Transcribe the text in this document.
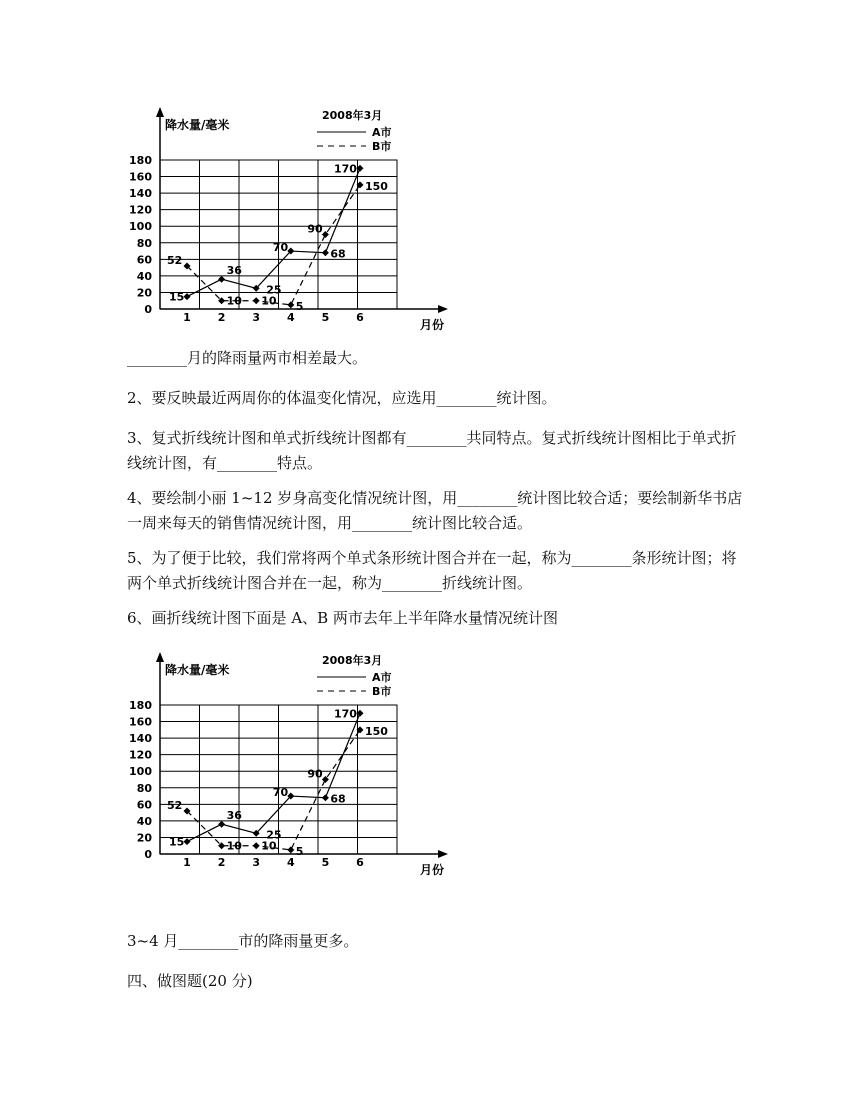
0
20
40
60
80
100
120
140
160
180
1 2 3 4 5 6
降水量/毫米
月份
2008年3月
A市
B市
15
36
25
70
68
170
52
10 10 5
90
150

________月的降雨量两市相差最大。

2、要反映最近两周你的体温变化情况，应选用________统计图。

3、复式折线统计图和单式折线统计图都有________共同特点。复式折线统计图相比于单式折线统计图，有________特点。

4、要绘制小丽 1~12 岁身高变化情况统计图，用________统计图比较合适；要绘制新华书店一周来每天的销售情况统计图，用________统计图比较合适。

5、为了便于比较，我们常将两个单式条形统计图合并在一起，称为________条形统计图；将两个单式折线统计图合并在一起，称为________折线统计图。

6、画折线统计图下面是 A、B 两市去年上半年降水量情况统计图

0
20
40
60
80
100
120
140
160
180
1 2 3 4 5 6
降水量/毫米
月份
2008年3月
A市
B市
15
36
25
70
68
170
52
10 10 5
90
150

3~4 月________市的降雨量更多。

四、做图题(20 分)
